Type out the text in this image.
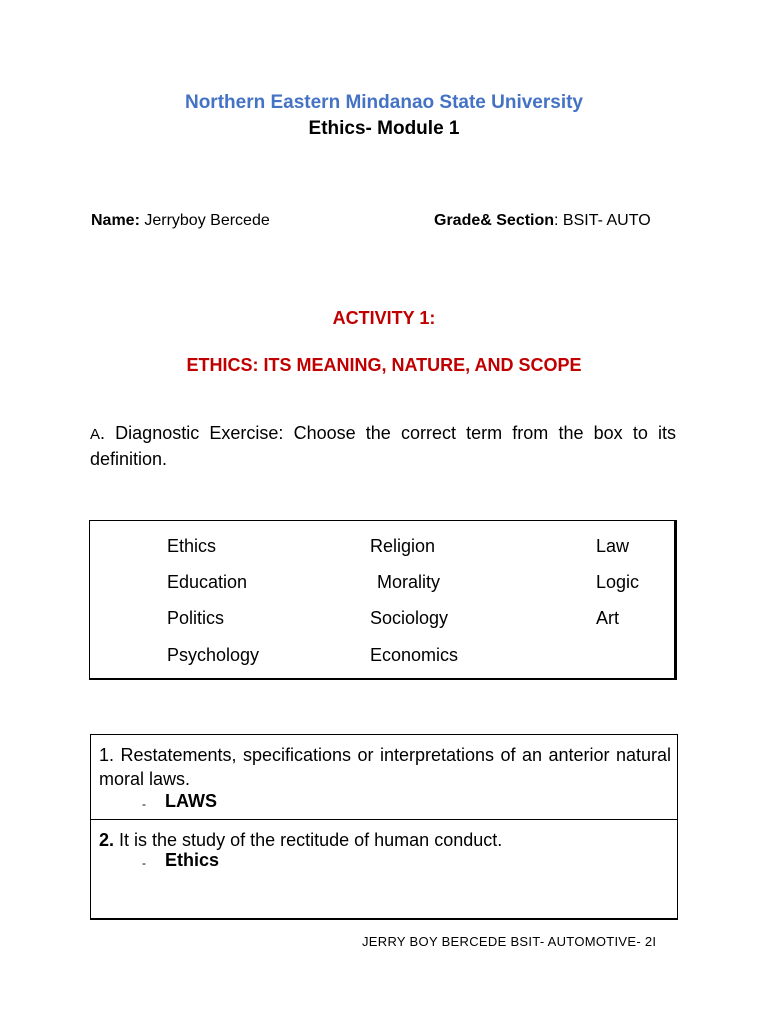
Northern Eastern Mindanao State University
Ethics- Module 1
Name: Jerryboy Bercede	Grade& Section: BSIT- AUTO
ACTIVITY 1:
ETHICS: ITS MEANING, NATURE, AND SCOPE
A. Diagnostic Exercise: Choose the correct term from the box to its definition.
Ethics
Education
Politics
Psychology
Religion
Morality
Sociology
Economics
Law
Logic
Art
1. Restatements, specifications or interpretations of an anterior natural moral laws.
- LAWS
2. It is the study of the rectitude of human conduct.
- Ethics
JERRY BOY BERCEDE BSIT- AUTOMOTIVE- 2I
